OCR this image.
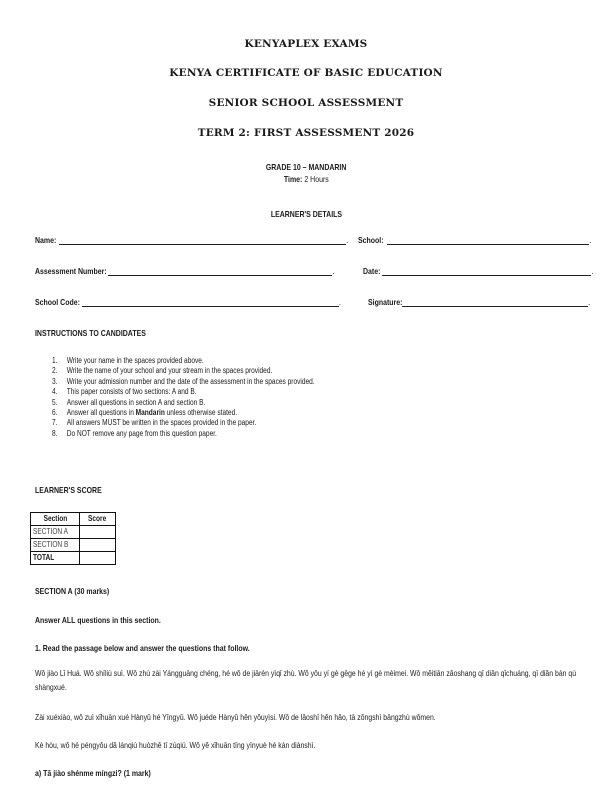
KENYAPLEX EXAMS
KENYA CERTIFICATE OF BASIC EDUCATION
SENIOR SCHOOL ASSESSMENT
TERM 2: FIRST ASSESSMENT 2026
GRADE 10 – MANDARIN
Time: 2 Hours
LEARNER'S DETAILS
Name:	. School:	.
Assessment Number:	.	Date:	.
School Code:	.	Signature:	.
INSTRUCTIONS TO CANDIDATES
1. Write your name in the spaces provided above.
2. Write the name of your school and your stream in the spaces provided.
3. Write your admission number and the date of the assessment in the spaces provided.
4. This paper consists of two sections: A and B.
5. Answer all questions in section A and section B.
6. Answer all questions in Mandarin unless otherwise stated.
7. All answers MUST be written in the spaces provided in the paper.
8. Do NOT remove any page from this question paper.
LEARNER'S SCORE
Section	Score
SECTION A	
SECTION B	
TOTAL	
SECTION A (30 marks)
Answer ALL questions in this section.
1. Read the passage below and answer the questions that follow.
Wǒ jiào Lǐ Huá. Wǒ shíliù suì. Wǒ zhù zài Yángguāng chéng, hé wǒ de jiārén yìqǐ zhù. Wǒ yǒu yí gè gēge hé yí gè mèimei. Wǒ měitiān zǎoshang qī diǎn qǐchuáng, qī diǎn bàn qù shàngxué.
Zài xuéxiào, wǒ zuì xǐhuān xué Hànyǔ hé Yīngyǔ. Wǒ juéde Hànyǔ hěn yǒuyìsi. Wǒ de lǎoshī hěn hǎo, tā zǒngshì bāngzhù wǒmen.
Kè hòu, wǒ hé péngyǒu dǎ lánqiú huòzhě tī zúqiú. Wǒ yě xǐhuān tīng yīnyuè hé kàn diànshì.
a) Tā jiào shénme míngzi? (1 mark)
